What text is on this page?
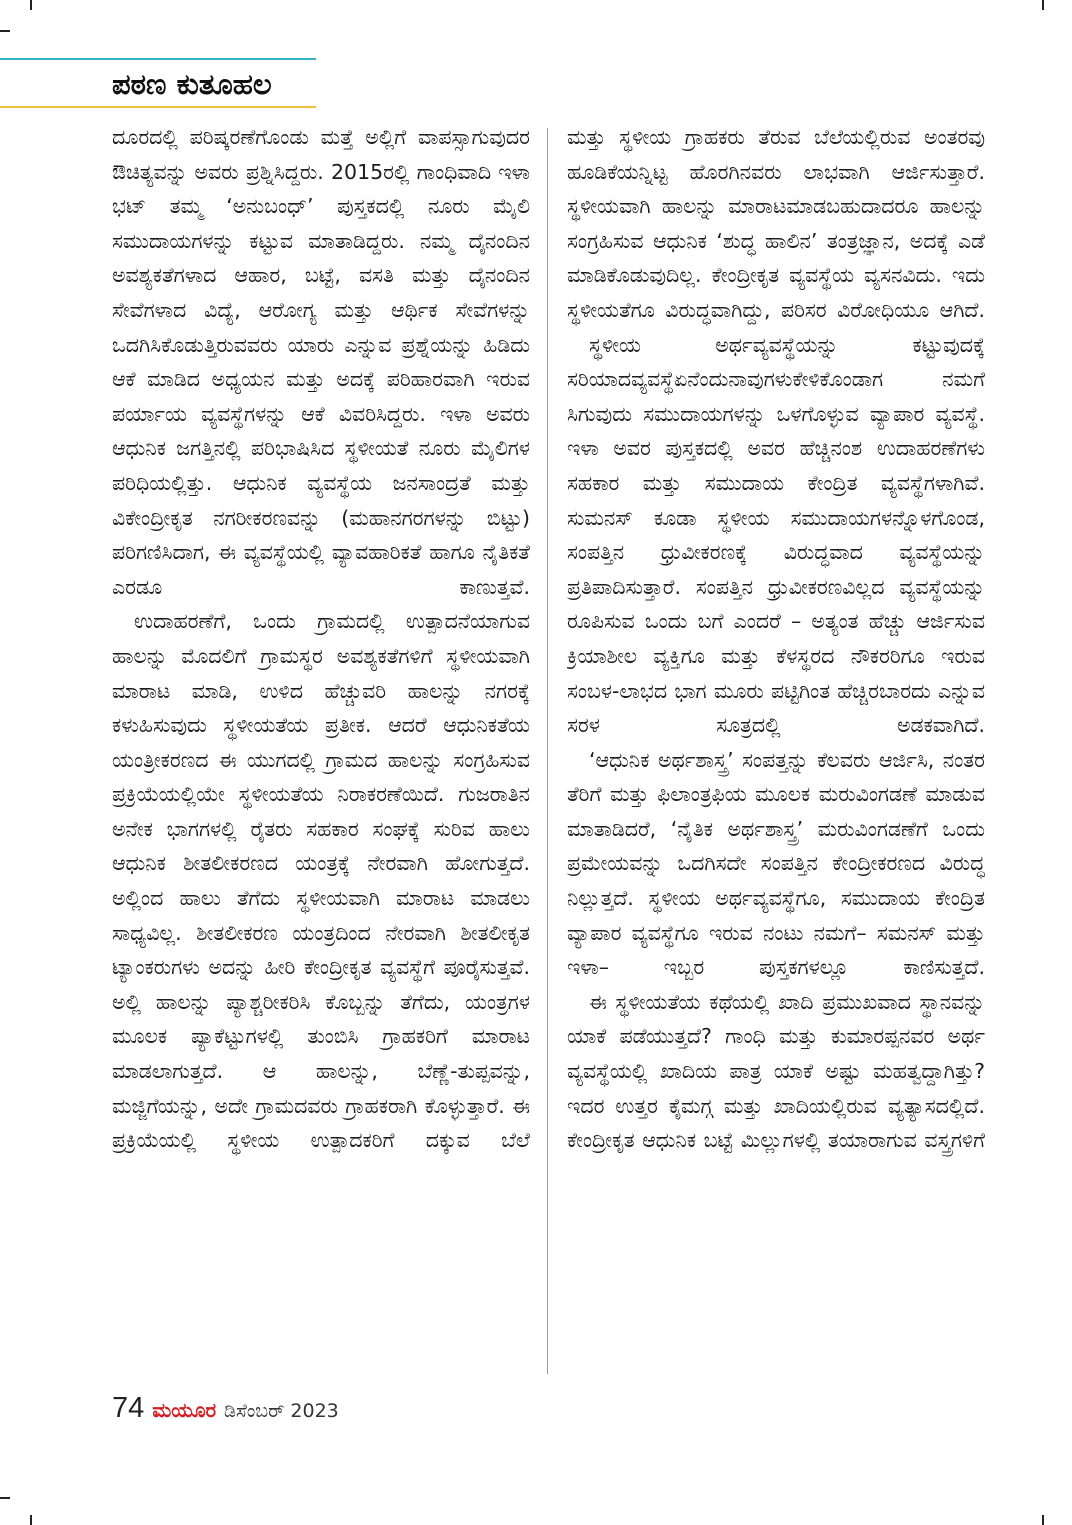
ಪಠಣ ಕುತೂಹಲ

ದೂರದಲ್ಲಿ ಪರಿಷ್ಕರಣೆಗೊಂಡು ಮತ್ತೆ ಅಲ್ಲಿಗೆ ವಾಪಸ್ಸಾಗುವುದರ ಔಚಿತ್ಯವನ್ನು ಅವರು ಪ್ರಶ್ನಿಸಿದ್ದರು. 2015ರಲ್ಲಿ ಗಾಂಧಿವಾದಿ ಇಳಾ ಭಟ್ ತಮ್ಮ ‘ಅನುಬಂಧ್’ ಪುಸ್ತಕದಲ್ಲಿ ನೂರು ಮೈಲಿ ಸಮುದಾಯಗಳನ್ನು ಕಟ್ಟುವ ಮಾತಾಡಿದ್ದರು. ನಮ್ಮ ದೈನಂದಿನ ಅವಶ್ಯಕತೆಗಳಾದ ಆಹಾರ, ಬಟ್ಟೆ, ವಸತಿ ಮತ್ತು ದೈನಂದಿನ ಸೇವೆಗಳಾದ ವಿದ್ಯೆ, ಆರೋಗ್ಯ ಮತ್ತು ಆರ್ಥಿಕ ಸೇವೆಗಳನ್ನು ಒದಗಿಸಿಕೊಡುತ್ತಿರುವವರು ಯಾರು ಎನ್ನುವ ಪ್ರಶ್ನೆಯನ್ನು ಹಿಡಿದು ಆಕೆ ಮಾಡಿದ ಅಧ್ಯಯನ ಮತ್ತು ಅದಕ್ಕೆ ಪರಿಹಾರವಾಗಿ ಇರುವ ಪರ್ಯಾಯ ವ್ಯವಸ್ಥೆಗಳನ್ನು ಆಕೆ ವಿವರಿಸಿದ್ದರು. ಇಳಾ ಅವರು ಆಧುನಿಕ ಜಗತ್ತಿನಲ್ಲಿ ಪರಿಭಾಷಿಸಿದ ಸ್ಥಳೀಯತೆ ನೂರು ಮೈಲಿಗಳ ಪರಿಧಿಯಲ್ಲಿತ್ತು. ಆಧುನಿಕ ವ್ಯವಸ್ಥೆಯ ಜನಸಾಂದ್ರತೆ ಮತ್ತು ವಿಕೇಂದ್ರೀಕೃತ ನಗರೀಕರಣವನ್ನು (ಮಹಾನಗರಗಳನ್ನು ಬಿಟ್ಟು) ಪರಿಗಣಿಸಿದಾಗ, ಈ ವ್ಯವಸ್ಥೆಯಲ್ಲಿ ವ್ಯಾವಹಾರಿಕತೆ ಹಾಗೂ ನೈತಿಕತೆ ಎರಡೂ ಕಾಣುತ್ತವೆ.

ಉದಾಹರಣೆಗೆ, ಒಂದು ಗ್ರಾಮದಲ್ಲಿ ಉತ್ಪಾದನೆಯಾಗುವ ಹಾಲನ್ನು ಮೊದಲಿಗೆ ಗ್ರಾಮಸ್ಥರ ಅವಶ್ಯಕತೆಗಳಿಗೆ ಸ್ಥಳೀಯವಾಗಿ ಮಾರಾಟ ಮಾಡಿ, ಉಳಿದ ಹೆಚ್ಚುವರಿ ಹಾಲನ್ನು ನಗರಕ್ಕೆ ಕಳುಹಿಸುವುದು ಸ್ಥಳೀಯತೆಯ ಪ್ರತೀಕ. ಆದರೆ ಆಧುನಿಕತೆಯ ಯಂತ್ರೀಕರಣದ ಈ ಯುಗದಲ್ಲಿ ಗ್ರಾಮದ ಹಾಲನ್ನು ಸಂಗ್ರಹಿಸುವ ಪ್ರಕ್ರಿಯೆಯಲ್ಲಿಯೇ ಸ್ಥಳೀಯತೆಯ ನಿರಾಕರಣೆಯಿದೆ. ಗುಜರಾತಿನ ಅನೇಕ ಭಾಗಗಳಲ್ಲಿ ರೈತರು ಸಹಕಾರ ಸಂಘಕ್ಕೆ ಸುರಿವ ಹಾಲು ಆಧುನಿಕ ಶೀತಲೀಕರಣದ ಯಂತ್ರಕ್ಕೆ ನೇರವಾಗಿ ಹೋಗುತ್ತದೆ. ಅಲ್ಲಿಂದ ಹಾಲು ತೆಗೆದು ಸ್ಥಳೀಯವಾಗಿ ಮಾರಾಟ ಮಾಡಲು ಸಾಧ್ಯವಿಲ್ಲ. ಶೀತಲೀಕರಣ ಯಂತ್ರದಿಂದ ನೇರವಾಗಿ ಶೀತಲೀಕೃತ ಟ್ಯಾಂಕರುಗಳು ಅದನ್ನು ಹೀರಿ ಕೇಂದ್ರೀಕೃತ ವ್ಯವಸ್ಥೆಗೆ ಪೂರೈಸುತ್ತವೆ. ಅಲ್ಲಿ ಹಾಲನ್ನು ಪ್ಯಾಶ್ಚರೀಕರಿಸಿ ಕೊಬ್ಬನ್ನು ತೆಗೆದು, ಯಂತ್ರಗಳ ಮೂಲಕ ಪ್ಯಾಕೆಟ್ಟುಗಳಲ್ಲಿ ತುಂಬಿಸಿ ಗ್ರಾಹಕರಿಗೆ ಮಾರಾಟ ಮಾಡಲಾಗುತ್ತದೆ. ಆ ಹಾಲನ್ನು, ಬೆಣ್ಣೆ-ತುಪ್ಪವನ್ನು, ಮಜ್ಜಿಗೆಯನ್ನು, ಅದೇ ಗ್ರಾಮದವರು ಗ್ರಾಹಕರಾಗಿ ಕೊಳ್ಳುತ್ತಾರೆ. ಈ ಪ್ರಕ್ರಿಯೆಯಲ್ಲಿ ಸ್ಥಳೀಯ ಉತ್ಪಾದಕರಿಗೆ ದಕ್ಕುವ ಬೆಲೆ

ಮತ್ತು ಸ್ಥಳೀಯ ಗ್ರಾಹಕರು ತೆರುವ ಬೆಲೆಯಲ್ಲಿರುವ ಅಂತರವು ಹೂಡಿಕೆಯನ್ನಿಟ್ಟ ಹೊರಗಿನವರು ಲಾಭವಾಗಿ ಆರ್ಜಿಸುತ್ತಾರೆ. ಸ್ಥಳೀಯವಾಗಿ ಹಾಲನ್ನು ಮಾರಾಟಮಾಡಬಹುದಾದರೂ ಹಾಲನ್ನು ಸಂಗ್ರಹಿಸುವ ಆಧುನಿಕ ‘ಶುದ್ಧ ಹಾಲಿನ’ ತಂತ್ರಜ್ಞಾನ, ಅದಕ್ಕೆ ಎಡೆ ಮಾಡಿಕೊಡುವುದಿಲ್ಲ. ಕೇಂದ್ರೀಕೃತ ವ್ಯವಸ್ಥೆಯ ವ್ಯಸನವಿದು. ಇದು ಸ್ಥಳೀಯತೆಗೂ ವಿರುದ್ಧವಾಗಿದ್ದು, ಪರಿಸರ ವಿರೋಧಿಯೂ ಆಗಿದೆ.

ಸ್ಥಳೀಯ ಅರ್ಥವ್ಯವಸ್ಥೆಯನ್ನು ಕಟ್ಟುವುದಕ್ಕೆ ಸರಿಯಾದವ್ಯವಸ್ಥೆಏನೆಂದುನಾವುಗಳುಕೇಳಿಕೊಂಡಾಗ ನಮಗೆ ಸಿಗುವುದು ಸಮುದಾಯಗಳನ್ನು ಒಳಗೊಳ್ಳುವ ವ್ಯಾಪಾರ ವ್ಯವಸ್ಥೆ. ಇಳಾ ಅವರ ಪುಸ್ತಕದಲ್ಲಿ ಅವರ ಹೆಚ್ಚಿನಂಶ ಉದಾಹರಣೆಗಳು ಸಹಕಾರ ಮತ್ತು ಸಮುದಾಯ ಕೇಂದ್ರಿತ ವ್ಯವಸ್ಥೆಗಳಾಗಿವೆ. ಸುಮನಸ್ ಕೂಡಾ ಸ್ಥಳೀಯ ಸಮುದಾಯಗಳನ್ನೊಳಗೊಂಡ, ಸಂಪತ್ತಿನ ಧ್ರುವೀಕರಣಕ್ಕೆ ವಿರುದ್ಧವಾದ ವ್ಯವಸ್ಥೆಯನ್ನು ಪ್ರತಿಪಾದಿಸುತ್ತಾರೆ. ಸಂಪತ್ತಿನ ಧ್ರುವೀಕರಣವಿಲ್ಲದ ವ್ಯವಸ್ಥೆಯನ್ನು ರೂಪಿಸುವ ಒಂದು ಬಗೆ ಎಂದರೆ – ಅತ್ಯಂತ ಹೆಚ್ಚು ಆರ್ಜಿಸುವ ಕ್ರಿಯಾಶೀಲ ವ್ಯಕ್ತಿಗೂ ಮತ್ತು ಕೆಳಸ್ಥರದ ನೌಕರರಿಗೂ ಇರುವ ಸಂಬಳ-ಲಾಭದ ಭಾಗ ಮೂರು ಪಟ್ಟಿಗಿಂತ ಹೆಚ್ಚಿರಬಾರದು ಎನ್ನುವ ಸರಳ ಸೂತ್ರದಲ್ಲಿ ಅಡಕವಾಗಿದೆ.

‘ಆಧುನಿಕ ಅರ್ಥಶಾಸ್ತ್ರ’ ಸಂಪತ್ತನ್ನು ಕೆಲವರು ಆರ್ಜಿಸಿ, ನಂತರ ತೆರಿಗೆ ಮತ್ತು ಫಿಲಾಂತ್ರಫಿಯ ಮೂಲಕ ಮರುವಿಂಗಡಣೆ ಮಾಡುವ ಮಾತಾಡಿದರೆ, ‘ನೈತಿಕ ಅರ್ಥಶಾಸ್ತ್ರ’ ಮರುವಿಂಗಡಣೆಗೆ ಒಂದು ಪ್ರಮೇಯವನ್ನು ಒದಗಿಸದೇ ಸಂಪತ್ತಿನ ಕೇಂದ್ರೀಕರಣದ ವಿರುದ್ಧ ನಿಲ್ಲುತ್ತದೆ. ಸ್ಥಳೀಯ ಅರ್ಥವ್ಯವಸ್ಥೆಗೂ, ಸಮುದಾಯ ಕೇಂದ್ರಿತ ವ್ಯಾಪಾರ ವ್ಯವಸ್ಥೆಗೂ ಇರುವ ನಂಟು ನಮಗೆ– ಸಮನಸ್ ಮತ್ತು ಇಳಾ– ಇಬ್ಬರ ಪುಸ್ತಕಗಳಲ್ಲೂ ಕಾಣಿಸುತ್ತದೆ.

ಈ ಸ್ಥಳೀಯತೆಯ ಕಥೆಯಲ್ಲಿ ಖಾದಿ ಪ್ರಮುಖವಾದ ಸ್ಥಾನವನ್ನು ಯಾಕೆ ಪಡೆಯುತ್ತದೆ? ಗಾಂಧಿ ಮತ್ತು ಕುಮಾರಪ್ಪನವರ ಅರ್ಥ ವ್ಯವಸ್ಥೆಯಲ್ಲಿ ಖಾದಿಯ ಪಾತ್ರ ಯಾಕೆ ಅಷ್ಟು ಮಹತ್ವದ್ದಾಗಿತ್ತು? ಇದರ ಉತ್ತರ ಕೈಮಗ್ಗ ಮತ್ತು ಖಾದಿಯಲ್ಲಿರುವ ವ್ಯತ್ಯಾಸದಲ್ಲಿದೆ. ಕೇಂದ್ರೀಕೃತ ಆಧುನಿಕ ಬಟ್ಟೆ ಮಿಲ್ಲುಗಳಲ್ಲಿ ತಯಾರಾಗುವ ವಸ್ತ್ರಗಳಿಗೆ

74 ಮಯೂರ ಡಿಸೆಂಬರ್ 2023
